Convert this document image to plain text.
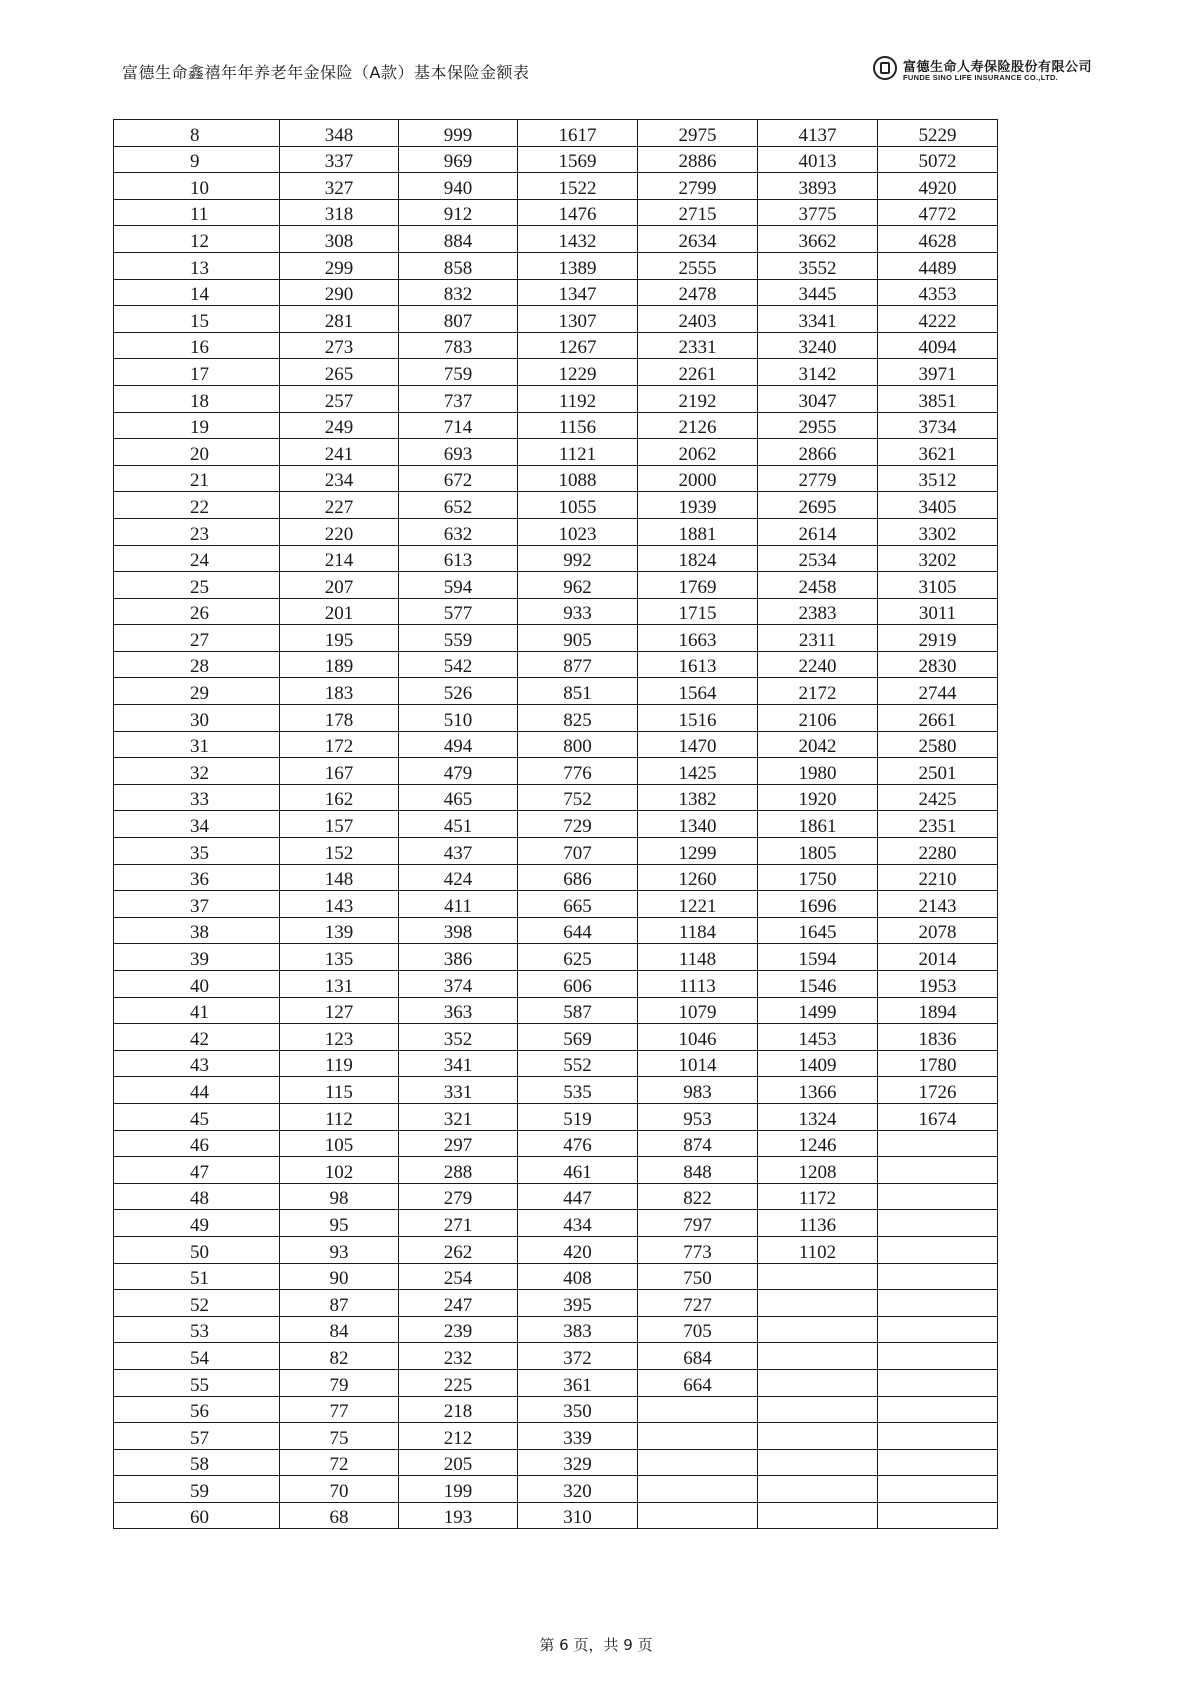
富德生命鑫禧年年养老年金保险（A款）基本保险金额表	富德生命人寿保险股份有限公司
FUNDE SINO LIFE INSURANCE CO.,LTD.
8	348	999	1617	2975	4137	5229
9	337	969	1569	2886	4013	5072
10	327	940	1522	2799	3893	4920
11	318	912	1476	2715	3775	4772
12	308	884	1432	2634	3662	4628
13	299	858	1389	2555	3552	4489
14	290	832	1347	2478	3445	4353
15	281	807	1307	2403	3341	4222
16	273	783	1267	2331	3240	4094
17	265	759	1229	2261	3142	3971
18	257	737	1192	2192	3047	3851
19	249	714	1156	2126	2955	3734
20	241	693	1121	2062	2866	3621
21	234	672	1088	2000	2779	3512
22	227	652	1055	1939	2695	3405
23	220	632	1023	1881	2614	3302
24	214	613	992	1824	2534	3202
25	207	594	962	1769	2458	3105
26	201	577	933	1715	2383	3011
27	195	559	905	1663	2311	2919
28	189	542	877	1613	2240	2830
29	183	526	851	1564	2172	2744
30	178	510	825	1516	2106	2661
31	172	494	800	1470	2042	2580
32	167	479	776	1425	1980	2501
33	162	465	752	1382	1920	2425
34	157	451	729	1340	1861	2351
35	152	437	707	1299	1805	2280
36	148	424	686	1260	1750	2210
37	143	411	665	1221	1696	2143
38	139	398	644	1184	1645	2078
39	135	386	625	1148	1594	2014
40	131	374	606	1113	1546	1953
41	127	363	587	1079	1499	1894
42	123	352	569	1046	1453	1836
43	119	341	552	1014	1409	1780
44	115	331	535	983	1366	1726
45	112	321	519	953	1324	1674
46	105	297	476	874	1246	
47	102	288	461	848	1208	
48	98	279	447	822	1172	
49	95	271	434	797	1136	
50	93	262	420	773	1102	
51	90	254	408	750		
52	87	247	395	727		
53	84	239	383	705		
54	82	232	372	684		
55	79	225	361	664		
56	77	218	350			
57	75	212	339			
58	72	205	329			
59	70	199	320			
60	68	193	310			
第 6 页，共 9 页
